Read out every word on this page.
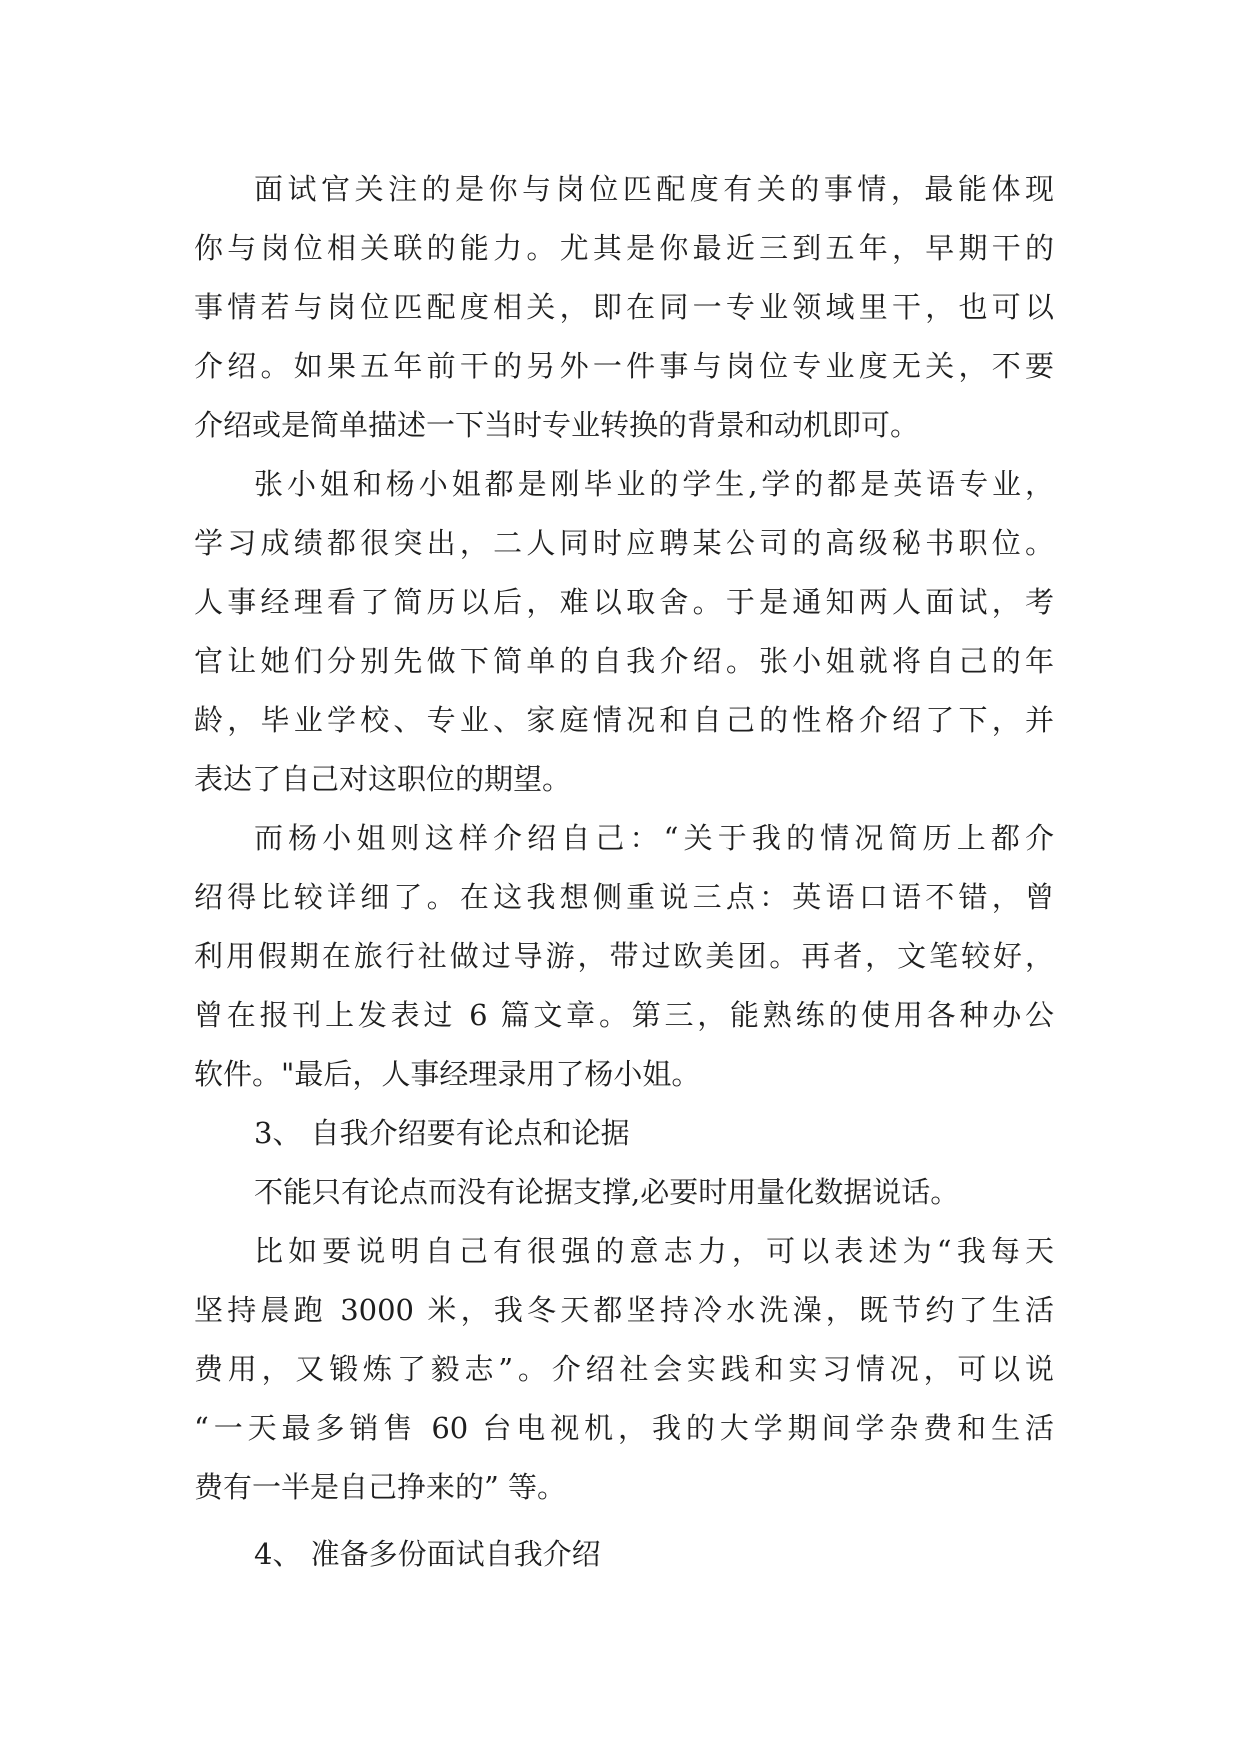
面试官关注的是你与岗位匹配度有关的事情，最能体现
你与岗位相关联的能力。尤其是你最近三到五年，早期干的
事情若与岗位匹配度相关，即在同一专业领域里干，也可以
介绍。如果五年前干的另外一件事与岗位专业度无关，不要
介绍或是简单描述一下当时专业转换的背景和动机即可。
张小姐和杨小姐都是刚毕业的学生,学的都是英语专业，
学习成绩都很突出，二人同时应聘某公司的高级秘书职位。
人事经理看了简历以后，难以取舍。于是通知两人面试，考
官让她们分别先做下简单的自我介绍。张小姐就将自己的年
龄，毕业学校、专业、家庭情况和自己的性格介绍了下，并
表达了自己对这职位的期望。
而杨小姐则这样介绍自己：“关于我的情况简历上都介
绍得比较详细了。在这我想侧重说三点：英语口语不错，曾
利用假期在旅行社做过导游，带过欧美团。再者，文笔较好，
曾在报刊上发表过 6 篇文章。第三，能熟练的使用各种办公
软件。"最后，人事经理录用了杨小姐。
3、 自我介绍要有论点和论据
不能只有论点而没有论据支撑,必要时用量化数据说话。
比如要说明自己有很强的意志力，可以表述为“我每天
坚持晨跑 3000 米，我冬天都坚持冷水洗澡，既节约了生活
费用，又锻炼了毅志”。介绍社会实践和实习情况，可以说
“一天最多销售 60 台电视机，我的大学期间学杂费和生活
费有一半是自己挣来的” 等。
4、 准备多份面试自我介绍
